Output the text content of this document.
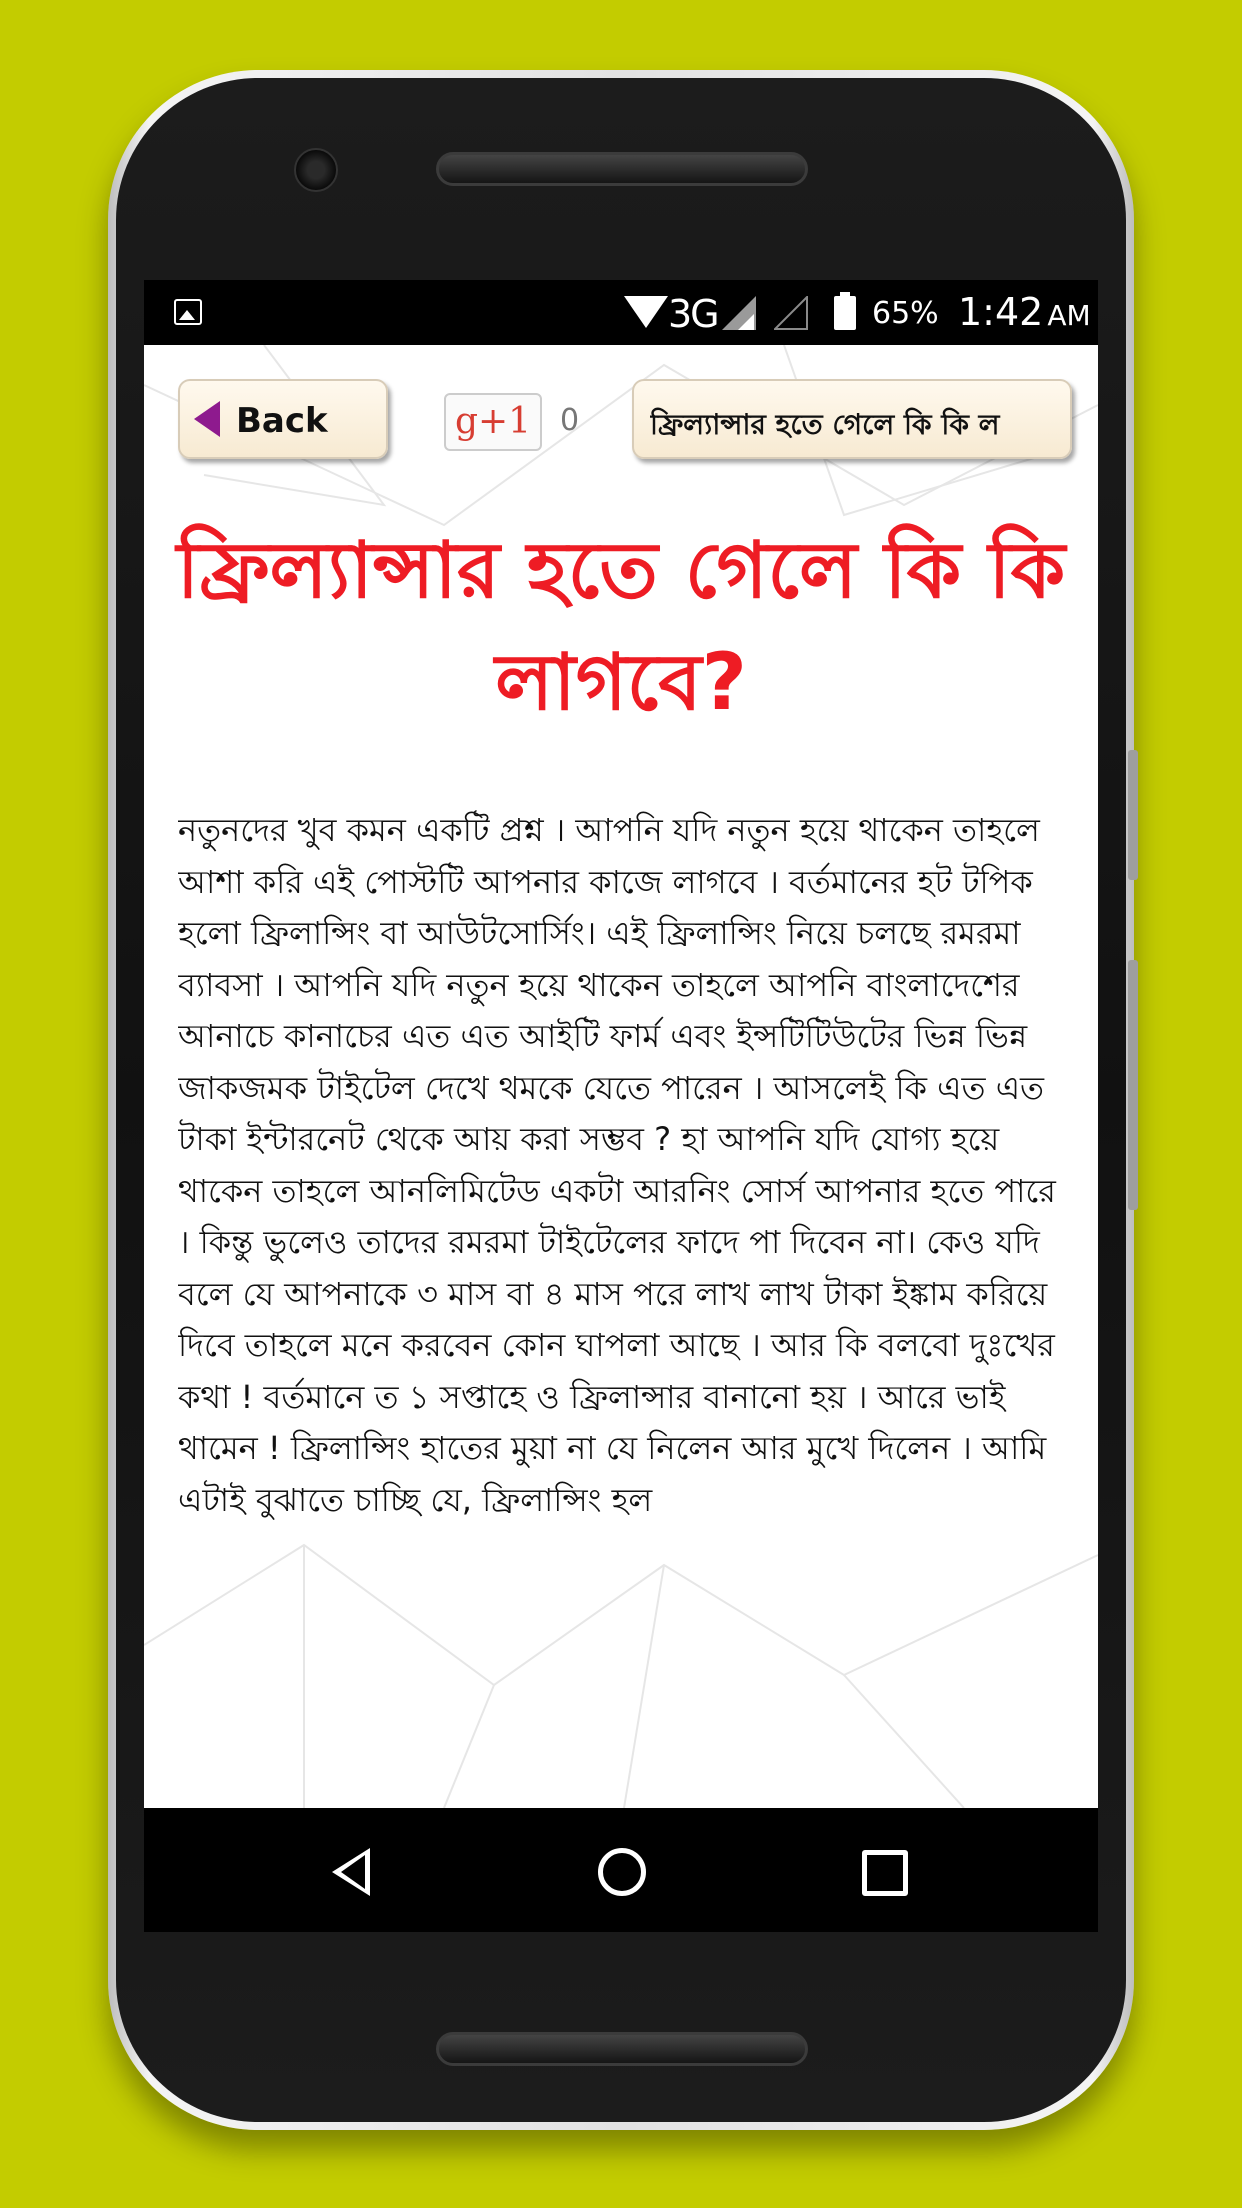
3G	65% 1:42 AM
Back	g+1 0	ফ্রিল্যান্সার হতে গেলে কি কি ল
ফ্রিল্যান্সার হতে গেলে কি কি লাগবে?
নতুনদের খুব কমন একটি প্রশ্ন । আপনি যদি নতুন হয়ে থাকেন তাহলে আশা করি এই পোস্টটি আপনার কাজে লাগবে । বর্তমানের হট টপিক হলো ফ্রিলান্সিং বা আউটসোর্সিং। এই ফ্রিলান্সিং নিয়ে চলছে রমরমা ব্যাবসা । আপনি যদি নতুন হয়ে থাকেন তাহলে আপনি বাংলাদেশের আনাচে কানাচের এত এত আইটি ফার্ম এবং ইন্সটিটিউটের ভিন্ন ভিন্ন জাকজমক টাইটেল দেখে থমকে যেতে পারেন । আসলেই কি এত এত টাকা ইন্টারনেট থেকে আয় করা সম্ভব ? হা আপনি যদি যোগ্য হয়ে থাকেন তাহলে আনলিমিটেড একটা আরনিং সোর্স আপনার হতে পারে । কিন্তু ভুলেও তাদের রমরমা টাইটেলের ফাদে পা দিবেন না। কেও যদি বলে যে আপনাকে ৩ মাস বা ৪ মাস পরে লাখ লাখ টাকা ইঙ্কাম করিয়ে দিবে তাহলে মনে করবেন কোন ঘাপলা আছে । আর কি বলবো দুঃখের কথা ! বর্তমানে ত ১ সপ্তাহে ও ফ্রিলান্সার বানানো হয় । আরে ভাই থামেন ! ফ্রিলান্সিং হাতের মুয়া না যে নিলেন আর মুখে দিলেন । আমি এটাই বুঝাতে চাচ্ছি যে, ফ্রিলান্সিং হল
